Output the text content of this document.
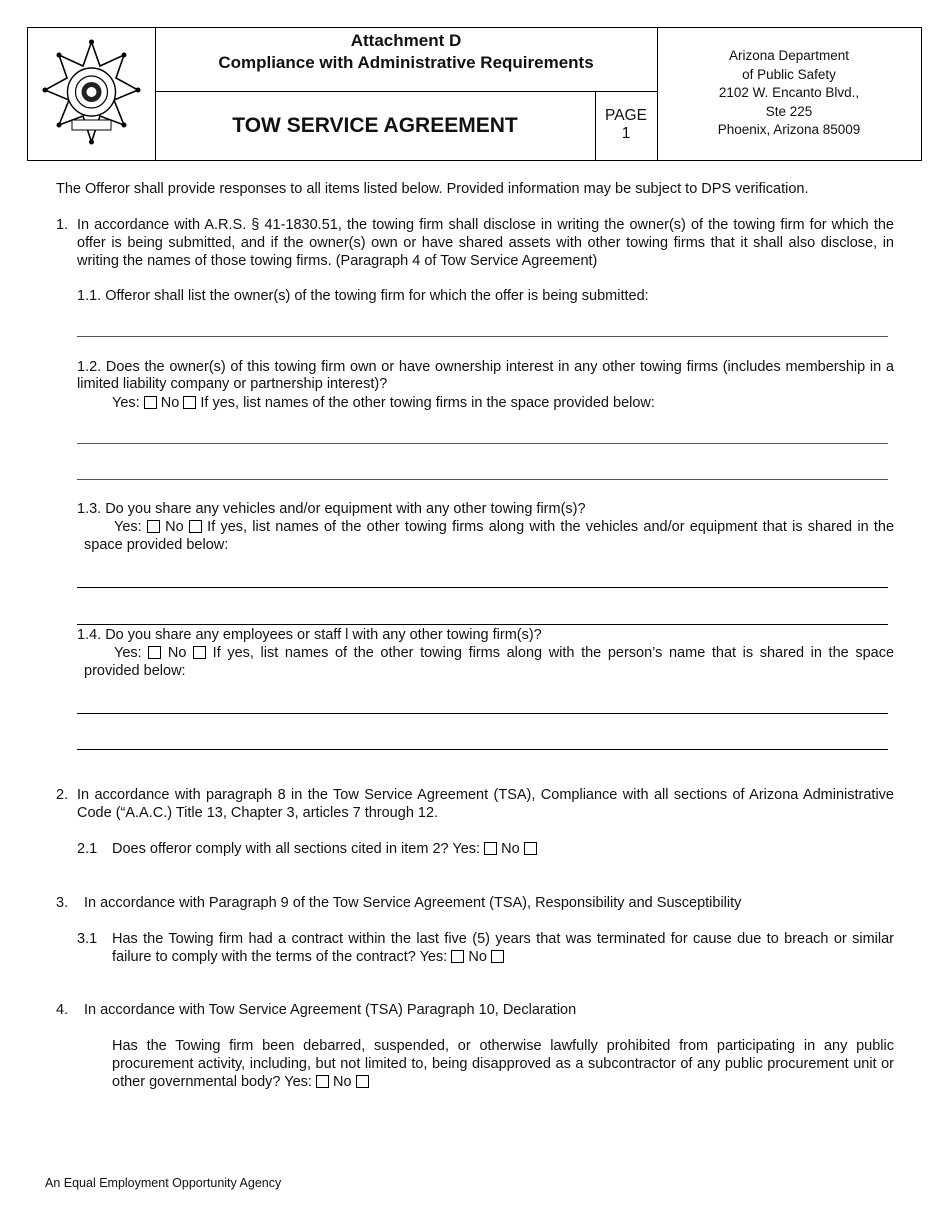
Attachment D
Compliance with Administrative Requirements
TOW SERVICE AGREEMENT	PAGE
1
Arizona Department
of Public Safety
2102 W. Encanto Blvd.,
Ste 225
Phoenix, Arizona 85009

The Offeror shall provide responses to all items listed below. Provided information may be subject to DPS verification.

1. In accordance with A.R.S. § 41-1830.51, the towing firm shall disclose in writing the owner(s) of the towing firm for which the offer is being submitted, and if the owner(s) own or have shared assets with other towing firms that it shall also disclose, in writing the names of those towing firms. (Paragraph 4 of Tow Service Agreement)

1.1. Offeror shall list the owner(s) of the towing firm for which the offer is being submitted:

1.2. Does the owner(s) of this towing firm own or have ownership interest in any other towing firms (includes membership in a limited liability company or partnership interest)?

Yes: No If yes, list names of the other towing firms in the space provided below:

1.3. Do you share any vehicles and/or equipment with any other towing firm(s)?

Yes: No If yes, list names of the other towing firms along with the vehicles and/or equipment that is shared in the space provided below:

1.4. Do you share any employees or staff l with any other towing firm(s)?

Yes: No If yes, list names of the other towing firms along with the person’s name that is shared in the space provided below:
2. In accordance with paragraph 8 in the Tow Service Agreement (TSA), Compliance with all sections of Arizona Administrative Code (“A.A.C.) Title 13, Chapter 3, articles 7 through 12.

2.1 Does offeror comply with all sections cited in item 2? Yes: No
3. In accordance with Paragraph 9 of the Tow Service Agreement (TSA), Responsibility and Susceptibility

3.1 Has the Towing firm had a contract within the last five (5) years that was terminated for cause due to breach or similar failure to comply with the terms of the contract? Yes: No
4. In accordance with Tow Service Agreement (TSA) Paragraph 10, Declaration

Has the Towing firm been debarred, suspended, or otherwise lawfully prohibited from participating in any public procurement activity, including, but not limited to, being disapproved as a subcontractor of any public procurement unit or other governmental body? Yes: No
An Equal Employment Opportunity Agency
